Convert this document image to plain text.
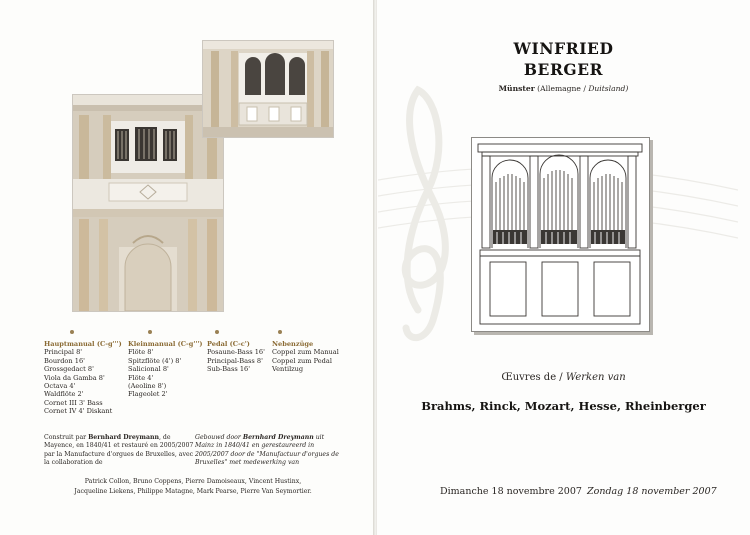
Hauptmanual (C-g''')
Principal 8'
Bourdon 16'
Grossgedact 8'
Viola da Gamba 8'
Octava 4'
Waldflöte 2'
Cornet III 3' Bass
Cornet IV 4' Diskant
Kleinmanual (C-g''')
Flöte 8'
Spitzflöte (4') 8'
Salicional 8'
Flöte 4'
(Aeoline 8')
Flageolet 2'
Pedal (C-c')
Posaune-Bass 16'
Principal-Bass 8'
Sub-Bass 16'
Nebenzüge
Coppel zum Manual
Coppel zum Pedal
Ventilzug
Construit par Bernhard Dreymann, de Mayence, en 1840/41 et restauré en 2005/2007 par la Manufacture d'orgues de Bruxelles, avec la collaboration de
Gebouwd door Bernhard Dreymann uit Mainz in 1840/41 en gerestaureerd in 2005/2007 door de "Manufactuur d'orgues de Bruxelles" met medewerking van
Patrick Collon, Bruno Coppens, Pierre Damoiseaux, Vincent Hustinx,
Jacqueline Liekens, Philippe Matagne, Mark Pearse, Pierre Van Seymortier.
WINFRIED
BERGER
Münster (Allemagne / Duitsland)
Œuvres de / Werken van
Brahms, Rinck, Mozart, Hesse, Rheinberger
Dimanche 18 novembre 2007 Zondag 18 november 2007
